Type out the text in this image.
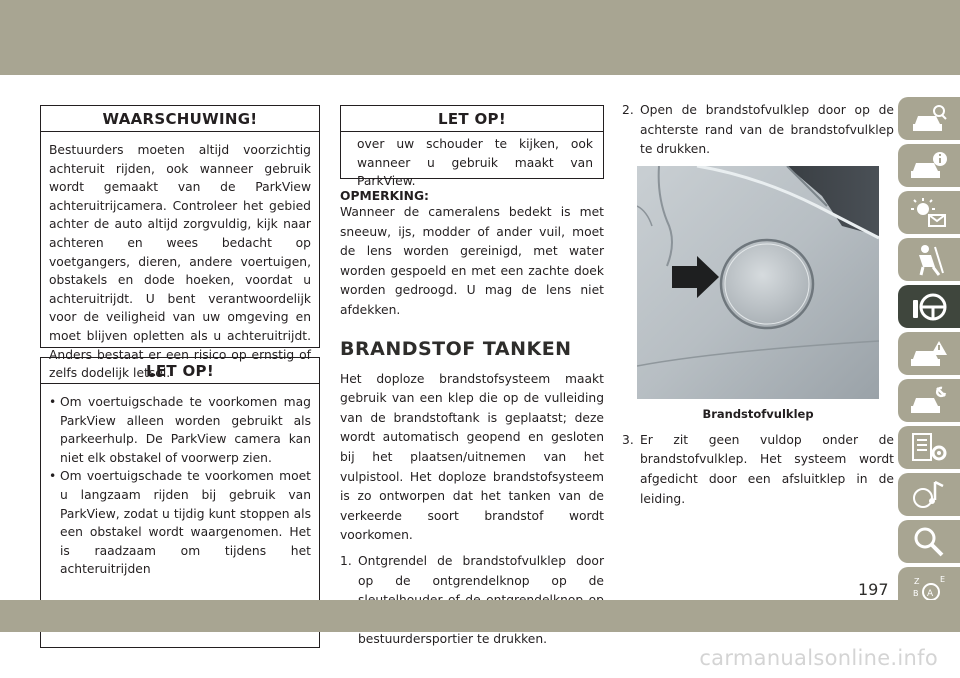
WAARSCHUWING!
Bestuurders moeten altijd voorzichtig achteruit rijden, ook wanneer gebruik wordt gemaakt van de ParkView achteruitrijcamera. Controleer het gebied achter de auto altijd zorgvuldig, kijk naar achteren en wees bedacht op voetgangers, dieren, andere voertuigen, obstakels en dode hoeken, voordat u achteruitrijdt. U bent verantwoordelijk voor de veiligheid van uw omgeving en moet blijven opletten als u achteruitrijdt. Anders bestaat er een risico op ernstig of zelfs dodelijk letsel.
LET OP!
• Om voertuigschade te voorkomen mag ParkView alleen worden gebruikt als parkeerhulp. De ParkView camera kan niet elk obstakel of voorwerp zien.
• Om voertuigschade te voorkomen moet u langzaam rijden bij gebruik van ParkView, zodat u tijdig kunt stoppen als een obstakel wordt waargenomen. Het is raadzaam om tijdens het achteruitrijden
LET OP!
over uw schouder te kijken, ook wanneer u gebruik maakt van ParkView.
OPMERKING:
Wanneer de cameralens bedekt is met sneeuw, ijs, modder of ander vuil, moet de lens worden gereinigd, met water worden gespoeld en met een zachte doek worden gedroogd. U mag de lens niet afdekken.
BRANDSTOF TANKEN
Het doploze brandstofsysteem maakt gebruik van een klep die op de vulleiding van de brandstoftank is geplaatst; deze wordt automatisch geopend en gesloten bij het plaatsen/uitnemen van het vulpistool. Het doploze brandstofsysteem is zo ontworpen dat het tanken van de verkeerde soort brandstof wordt voorkomen.
1. Ontgrendel de brandstofvulklep door op de ontgrendelknop op de bestuurdersportier te drukken.
2. Open de brandstofvulklep door op de achterste rand van de brandstofvulklep te drukken.
Brandstofvulklep
3. Er zit geen vuldop onder de brandstofvulklep. Het systeem wordt afgedicht door een afsluitklep in de leiding.
Z
B
E
A
197
carmanualsonline.info
